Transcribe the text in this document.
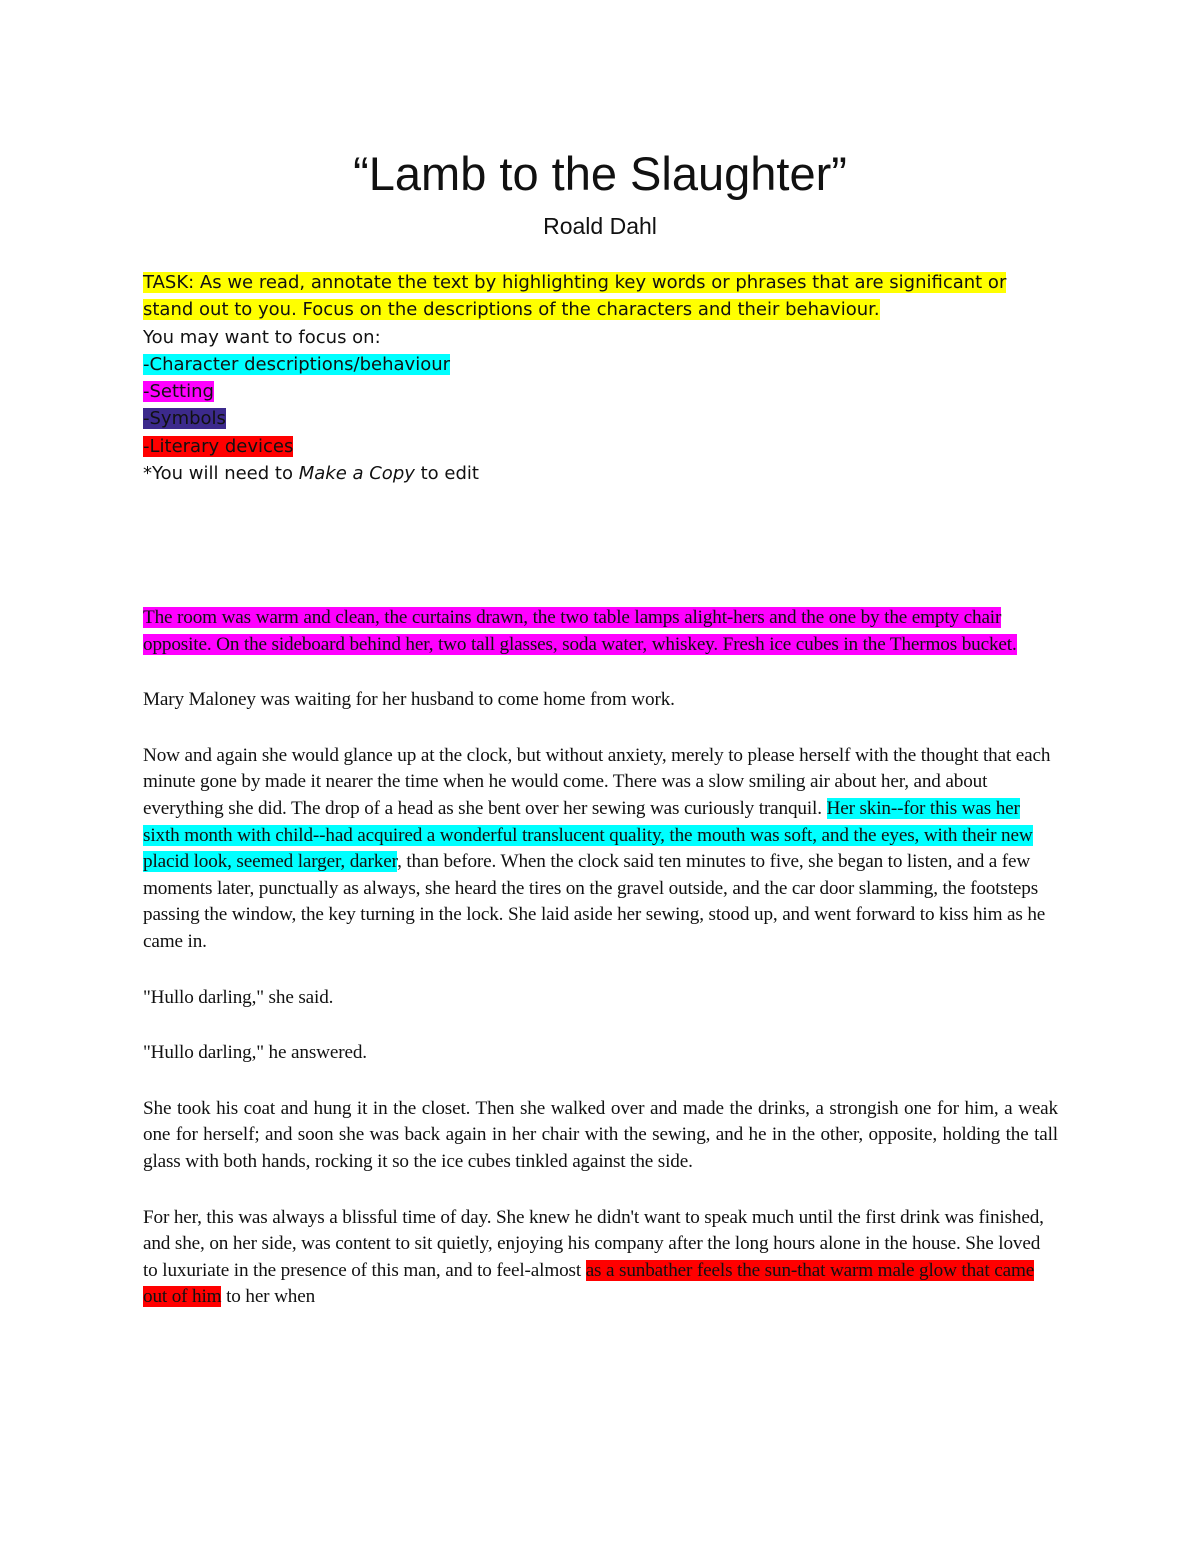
“Lamb to the Slaughter”
Roald Dahl

TASK: As we read, annotate the text by highlighting key words or phrases that are significant or stand out to you. Focus on the descriptions of the characters and their behaviour.

You may want to focus on:

-Character descriptions/behaviour

-Setting

-Symbols

-Literary devices

*You will need to Make a Copy to edit

The room was warm and clean, the curtains drawn, the two table lamps alight-hers and the one by the empty chair opposite. On the sideboard behind her, two tall glasses, soda water, whiskey. Fresh ice cubes in the Thermos bucket.

Mary Maloney was waiting for her husband to come home from work.

Now and again she would glance up at the clock, but without anxiety, merely to please herself with the thought that each minute gone by made it nearer the time when he would come. There was a slow smiling air about her, and about everything she did. The drop of a head as she bent over her sewing was curiously tranquil. Her skin--for this was her sixth month with child--had acquired a wonderful translucent quality, the mouth was soft, and the eyes, with their new placid look, seemed larger, darker, than before. When the clock said ten minutes to five, she began to listen, and a few moments later, punctually as always, she heard the tires on the gravel outside, and the car door slamming, the footsteps passing the window, the key turning in the lock. She laid aside her sewing, stood up, and went forward to kiss him as he came in.

"Hullo darling," she said.

"Hullo darling," he answered.

She took his coat and hung it in the closet. Then she walked over and made the drinks, a strongish one for him, a weak one for herself; and soon she was back again in her chair with the sewing, and he in the other, opposite, holding the tall glass with both hands, rocking it so the ice cubes tinkled against the side.

For her, this was always a blissful time of day. She knew he didn't want to speak much until the first drink was finished, and she, on her side, was content to sit quietly, enjoying his company after the long hours alone in the house. She loved to luxuriate in the presence of this man, and to feel-almost as a sunbather feels the sun-that warm male glow that came out of him to her when
